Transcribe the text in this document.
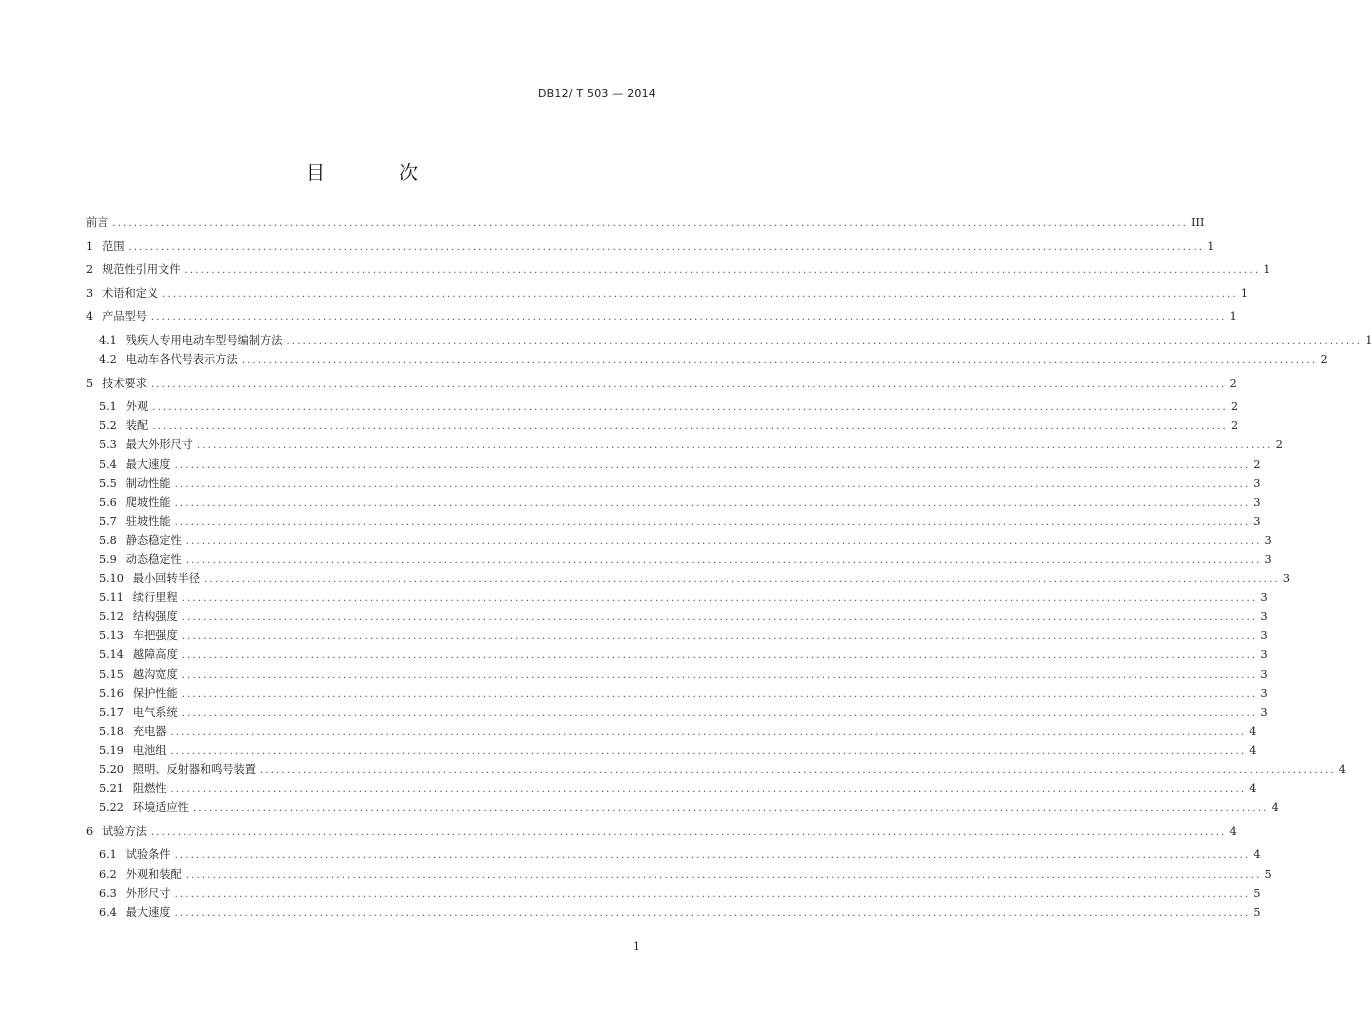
DB12/ T 503 — 2014
目 次
前言 ........................................................................................................................................................................................................ III
1 范围 ........................................................................................................................................................................................................ 1
2 规范性引用文件 ........................................................................................................................................................................................................ 1
3 术语和定义 ........................................................................................................................................................................................................ 1
4 产品型号 ........................................................................................................................................................................................................ 1
4.1 残疾人专用电动车型号编制方法 ........................................................................................................................................................................................................ 1
4.2 电动车各代号表示方法 ........................................................................................................................................................................................................ 2
5 技术要求 ........................................................................................................................................................................................................ 2
5.1 外观 ........................................................................................................................................................................................................ 2
5.2 装配 ........................................................................................................................................................................................................ 2
5.3 最大外形尺寸 ........................................................................................................................................................................................................ 2
5.4 最大速度 ........................................................................................................................................................................................................ 2
5.5 制动性能 ........................................................................................................................................................................................................ 3
5.6 爬坡性能 ........................................................................................................................................................................................................ 3
5.7 驻坡性能 ........................................................................................................................................................................................................ 3
5.8 静态稳定性 ........................................................................................................................................................................................................ 3
5.9 动态稳定性 ........................................................................................................................................................................................................ 3
5.10 最小回转半径 ........................................................................................................................................................................................................ 3
5.11 续行里程 ........................................................................................................................................................................................................ 3
5.12 结构强度 ........................................................................................................................................................................................................ 3
5.13 车把强度 ........................................................................................................................................................................................................ 3
5.14 越障高度 ........................................................................................................................................................................................................ 3
5.15 越沟宽度 ........................................................................................................................................................................................................ 3
5.16 保护性能 ........................................................................................................................................................................................................ 3
5.17 电气系统 ........................................................................................................................................................................................................ 3
5.18 充电器 ........................................................................................................................................................................................................ 4
5.19 电池组 ........................................................................................................................................................................................................ 4
5.20 照明、反射器和鸣号装置 ........................................................................................................................................................................................................ 4
5.21 阻燃性 ........................................................................................................................................................................................................ 4
5.22 环境适应性 ........................................................................................................................................................................................................ 4
6 试验方法 ........................................................................................................................................................................................................ 4
6.1 试验条件 ........................................................................................................................................................................................................ 4
6.2 外观和装配 ........................................................................................................................................................................................................ 5
6.3 外形尺寸 ........................................................................................................................................................................................................ 5
6.4 最大速度 ........................................................................................................................................................................................................ 5
1
